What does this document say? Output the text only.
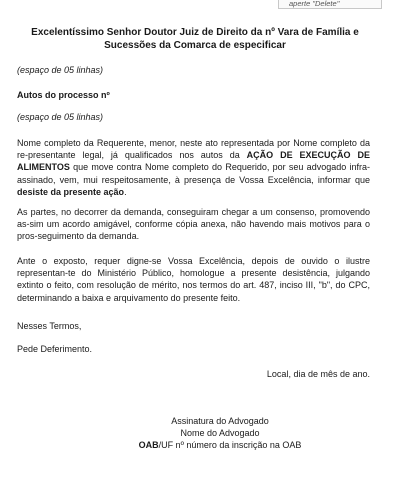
aperte "Delete"
Excelentíssimo Senhor Doutor Juiz de Direito da nº Vara de Família e Sucessões da Comarca de especificar
(espaço de 05 linhas)
Autos do processo nº
(espaço de 05 linhas)
Nome completo da Requerente, menor, neste ato representada por Nome completo da re-presentante legal, já qualificados nos autos da AÇÃO DE EXECUÇÃO DE ALIMENTOS que move contra Nome completo do Requerido, por seu advogado infra-assinado, vem, mui respeitosamente, à presença de Vossa Excelência, informar que desiste da presente ação.
As partes, no decorrer da demanda, conseguiram chegar a um consenso, promovendo as-sim um acordo amigável, conforme cópia anexa, não havendo mais motivos para o pros-seguimento da demanda.
Ante o exposto, requer digne-se Vossa Excelência, depois de ouvido o ilustre representan-te do Ministério Público, homologue a presente desistência, julgando extinto o feito, com resolução de mérito, nos termos do art. 487, inciso III, "b", do CPC, determinando a baixa e arquivamento do presente feito.
Nesses Termos,
Pede Deferimento.
Local, dia de mês de ano.
Assinatura do Advogado
Nome do Advogado
OAB/UF nº número da inscrição na OAB
